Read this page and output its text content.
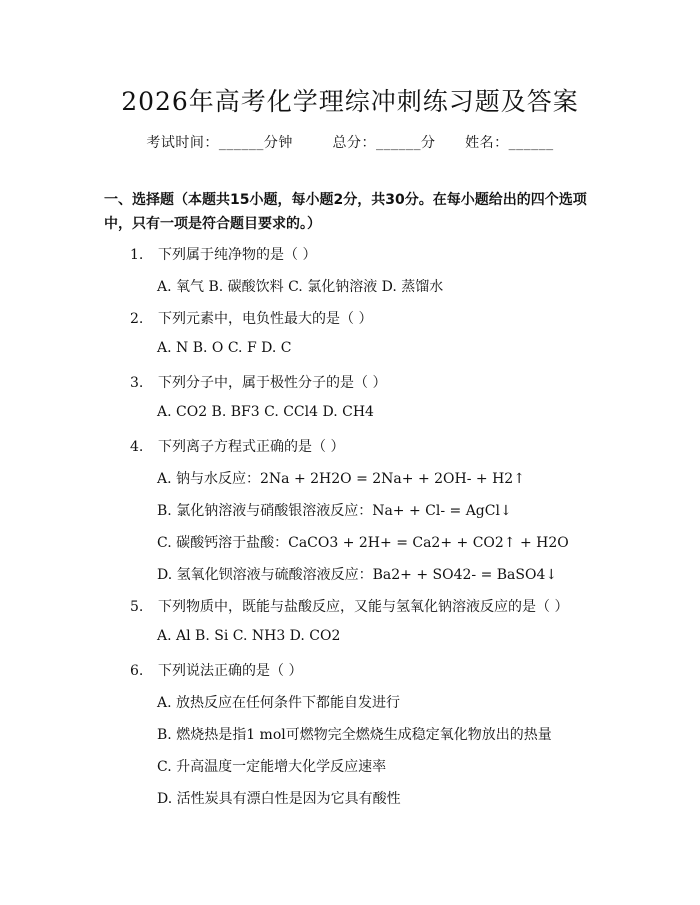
2026年高考化学理综冲刺练习题及答案
考试时间：______分钟	总分：______分 姓名：______
一、选择题（本题共15小题，每小题2分，共30分。在每小题给出的四个选项
中，只有一项是符合题目要求的。）
1. 下列属于纯净物的是（ ）
A. 氧气 B. 碳酸饮料 C. 氯化钠溶液 D. 蒸馏水
2. 下列元素中，电负性最大的是（ ）
A. N B. O C. F D. C
3. 下列分子中，属于极性分子的是（ ）
A. CO2 B. BF3 C. CCl4 D. CH4
4. 下列离子方程式正确的是（ ）
A. 钠与水反应：2Na + 2H2O = 2Na+ + 2OH- + H2↑
B. 氯化钠溶液与硝酸银溶液反应：Na+ + Cl- = AgCl↓
C. 碳酸钙溶于盐酸：CaCO3 + 2H+ = Ca2+ + CO2↑ + H2O
D. 氢氧化钡溶液与硫酸溶液反应：Ba2+ + SO42- = BaSO4↓
5. 下列物质中，既能与盐酸反应，又能与氢氧化钠溶液反应的是（ ）
A. Al B. Si C. NH3 D. CO2
6. 下列说法正确的是（ ）
A. 放热反应在任何条件下都能自发进行
B. 燃烧热是指1 mol可燃物完全燃烧生成稳定氧化物放出的热量
C. 升高温度一定能增大化学反应速率
D. 活性炭具有漂白性是因为它具有酸性
